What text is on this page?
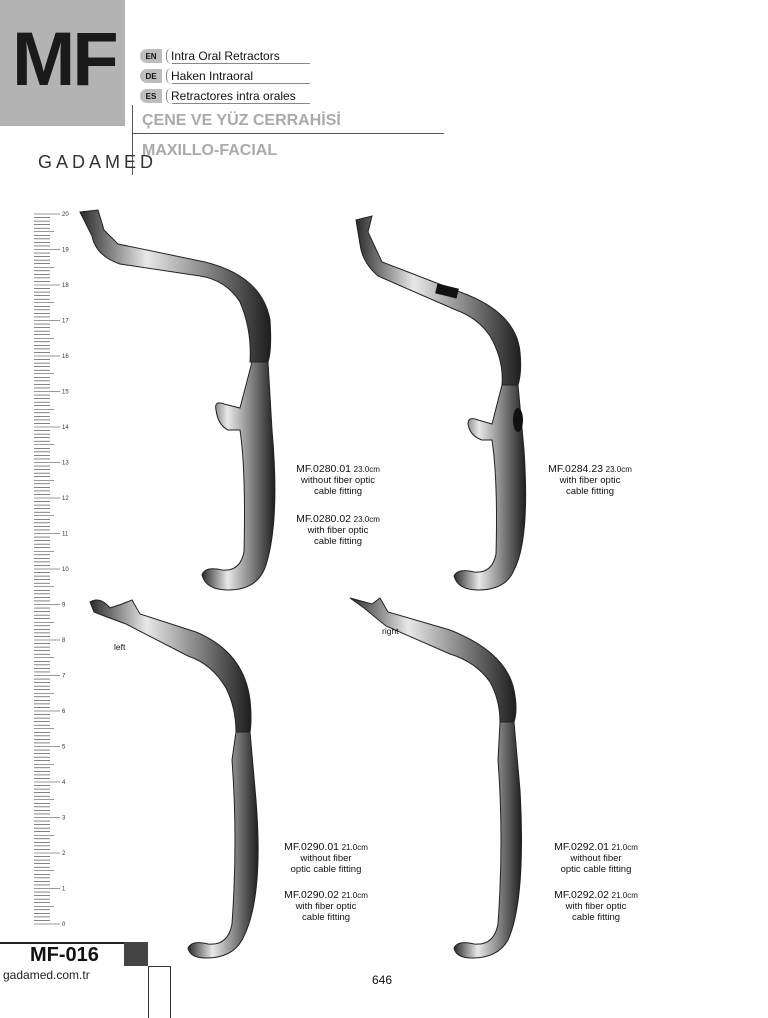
MF	EN	Intra Oral Retractors
DE	Haken Intraoral
ES	Retractores intra orales
ÇENE VE YÜZ CERRAHİSİ
MAXILLO-FACIAL
GADAMED
20
19
18
17
16
15
14
13
12
11
10
9
8
7
6
5
4
3
2
1
0
MF.0280.01 23.0cm
without fiber optic
cable fitting
MF.0280.02 23.0cm
with fiber optic
cable fitting
MF.0284.23 23.0cm
with fiber optic
cable fitting
MF.0290.01 21.0cm
without fiber
optic cable fitting
MF.0290.02 21.0cm
with fiber optic
cable fitting
MF.0292.01 21.0cm
without fiber
optic cable fitting
MF.0292.02 21.0cm
with fiber optic
cable fitting
left
right
MF-016
gadamed.com.tr	646
